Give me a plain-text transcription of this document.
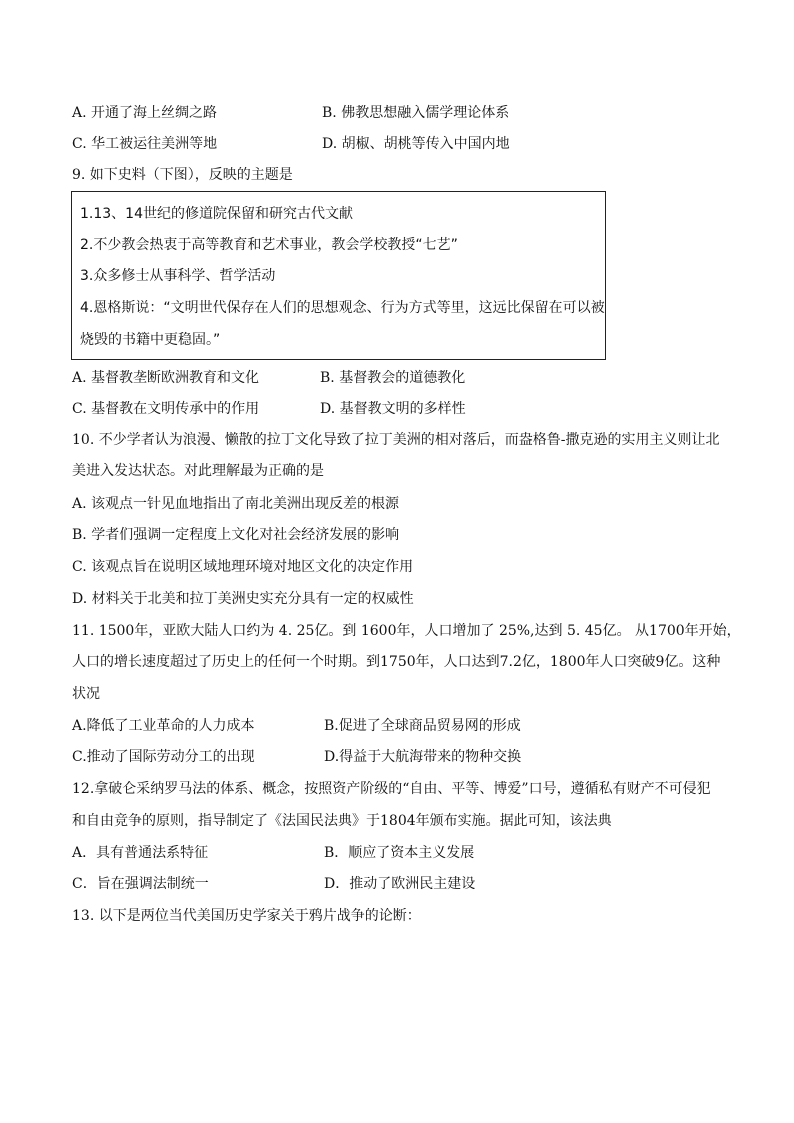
A. 开通了海上丝绸之路	B. 佛教思想融入儒学理论体系
C. 华工被运往美洲等地	D. 胡椒、胡桃等传入中国内地
9. 如下史料（下图），反映的主题是
1.13、14世纪的修道院保留和研究古代文献
2.不少教会热衷于高等教育和艺术事业，教会学校教授“七艺”
3.众多修士从事科学、哲学活动
4.恩格斯说：“文明世代保存在人们的思想观念、行为方式等里，这远比保留在可以被
烧毁的书籍中更稳固。”
A. 基督教垄断欧洲教育和文化	B. 基督教会的道德教化
C. 基督教在文明传承中的作用	D. 基督教文明的多样性
10. 不少学者认为浪漫、懒散的拉丁文化导致了拉丁美洲的相对落后，而盎格鲁-撒克逊的实用主义则让北
美进入发达状态。对此理解最为正确的是
A. 该观点一针见血地指出了南北美洲出现反差的根源
B. 学者们强调一定程度上文化对社会经济发展的影响
C. 该观点旨在说明区域地理环境对地区文化的决定作用
D. 材料关于北美和拉丁美洲史实充分具有一定的权威性
11. 1500年，亚欧大陆人口约为 4. 25亿。到 1600年，人口增加了 25%,达到 5. 45亿。 从1700年开始，
人口的增长速度超过了历史上的任何一个时期。到1750年，人口达到7.2亿，1800年人口突破9亿。这种
状况
A.降低了工业革命的人力成本	B.促进了全球商品贸易网的形成
C.推动了国际劳动分工的出现	D.得益于大航海带来的物种交换
12.拿破仑采纳罗马法的体系、概念，按照资产阶级的“自由、平等、博爱”口号，遵循私有财产不可侵犯
和自由竞争的原则，指导制定了《法国民法典》于1804年颁布实施。据此可知，该法典
A．具有普通法系特征	B．顺应了资本主义发展
C．旨在强调法制统一	D．推动了欧洲民主建设
13. 以下是两位当代美国历史学家关于鸦片战争的论断：
